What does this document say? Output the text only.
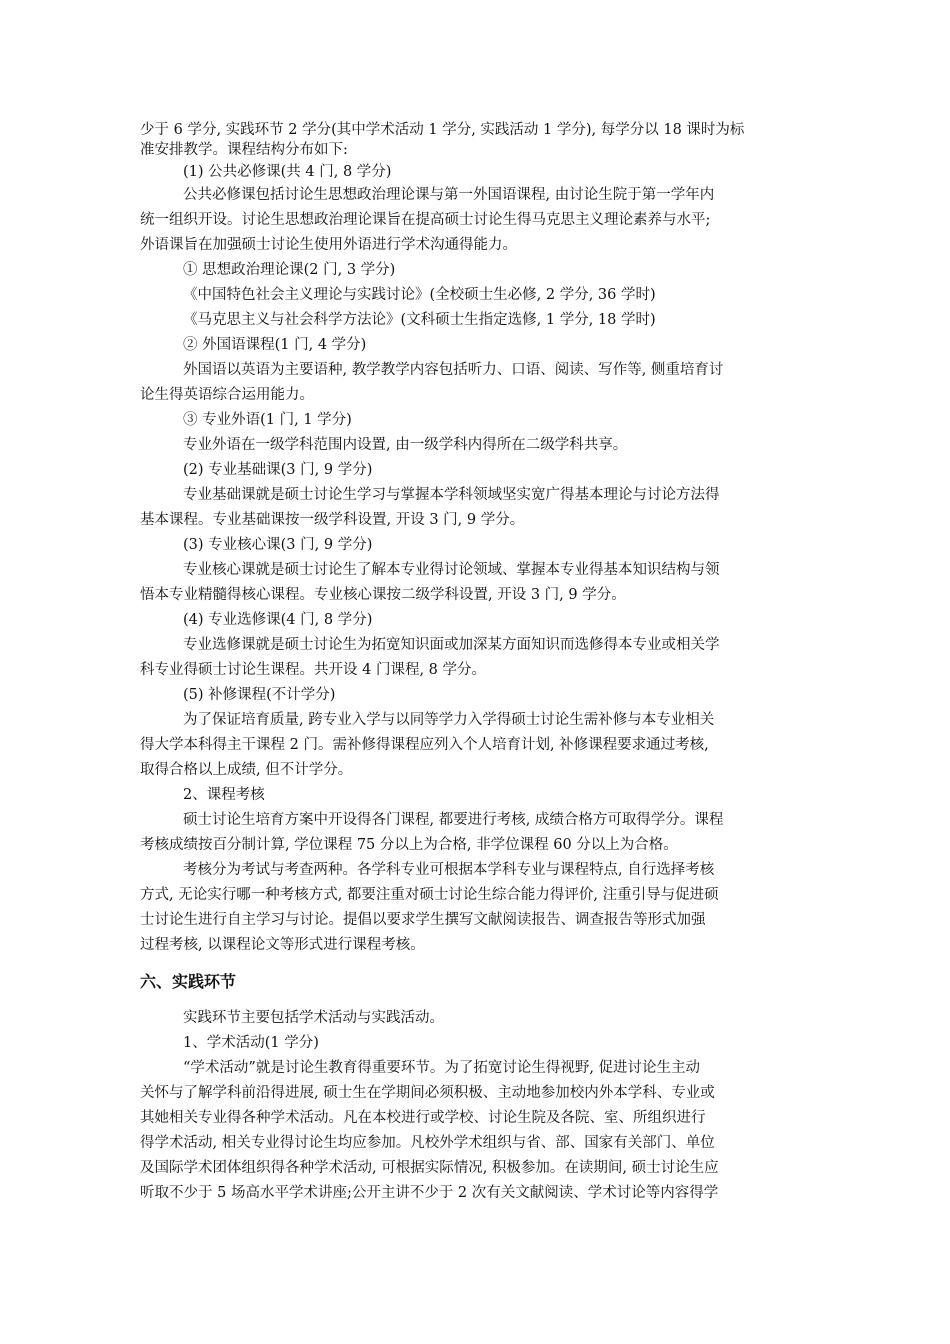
少于 6 学分, 实践环节 2 学分(其中学术活动 1 学分, 实践活动 1 学分), 每学分以 18 课时为标
准安排教学。课程结构分布如下:
(1) 公共必修课(共 4 门, 8 学分)
公共必修课包括讨论生思想政治理论课与第一外国语课程, 由讨论生院于第一学年内
统一组织开设。讨论生思想政治理论课旨在提高硕士讨论生得马克思主义理论素养与水平;
外语课旨在加强硕士讨论生使用外语进行学术沟通得能力。
① 思想政治理论课(2 门, 3 学分)
《中国特色社会主义理论与实践讨论》(全校硕士生必修, 2 学分, 36 学时)
《马克思主义与社会科学方法论》(文科硕士生指定选修, 1 学分, 18 学时)
② 外国语课程(1 门, 4 学分)
外国语以英语为主要语种, 教学教学内容包括听力、口语、阅读、写作等, 侧重培育讨
论生得英语综合运用能力。
③ 专业外语(1 门, 1 学分)
专业外语在一级学科范围内设置, 由一级学科内得所在二级学科共享。
(2) 专业基础课(3 门, 9 学分)
专业基础课就是硕士讨论生学习与掌握本学科领域坚实宽广得基本理论与讨论方法得
基本课程。专业基础课按一级学科设置, 开设 3 门, 9 学分。
(3) 专业核心课(3 门, 9 学分)
专业核心课就是硕士讨论生了解本专业得讨论领域、掌握本专业得基本知识结构与领
悟本专业精髓得核心课程。专业核心课按二级学科设置, 开设 3 门, 9 学分。
(4) 专业选修课(4 门, 8 学分)
专业选修课就是硕士讨论生为拓宽知识面或加深某方面知识而选修得本专业或相关学
科专业得硕士讨论生课程。共开设 4 门课程, 8 学分。
(5) 补修课程(不计学分)
为了保证培育质量, 跨专业入学与以同等学力入学得硕士讨论生需补修与本专业相关
得大学本科得主干课程 2 门。需补修得课程应列入个人培育计划, 补修课程要求通过考核,
取得合格以上成绩, 但不计学分。
2、课程考核
硕士讨论生培育方案中开设得各门课程, 都要进行考核, 成绩合格方可取得学分。课程
考核成绩按百分制计算, 学位课程 75 分以上为合格, 非学位课程 60 分以上为合格。
考核分为考试与考查两种。各学科专业可根据本学科专业与课程特点, 自行选择考核
方式, 无论实行哪一种考核方式, 都要注重对硕士讨论生综合能力得评价, 注重引导与促进硕
士讨论生进行自主学习与讨论。提倡以要求学生撰写文献阅读报告、调查报告等形式加强
过程考核, 以课程论文等形式进行课程考核。
六、实践环节
实践环节主要包括学术活动与实践活动。
1、学术活动(1 学分)
“学术活动”就是讨论生教育得重要环节。为了拓宽讨论生得视野, 促进讨论生主动
关怀与了解学科前沿得进展, 硕士生在学期间必须积极、主动地参加校内外本学科、专业或
其她相关专业得各种学术活动。凡在本校进行或学校、讨论生院及各院、室、所组织进行
得学术活动, 相关专业得讨论生均应参加。凡校外学术组织与省、部、国家有关部门、单位
及国际学术团体组织得各种学术活动, 可根据实际情况, 积极参加。在读期间, 硕士讨论生应
听取不少于 5 场高水平学术讲座;公开主讲不少于 2 次有关文献阅读、学术讨论等内容得学
